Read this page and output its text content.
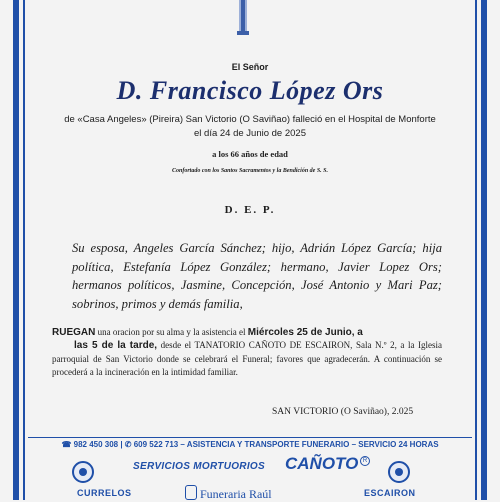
El Señor
D. Francisco López Ors
de «Casa Angeles» (Pireira) San Victorio (O Saviñao) falleció en el Hospital de Monforte el día 24 de Junio de 2025
a los 66 años de edad
Confortado con los Santos Sacramentos y la Bendición de S. S.
D. E. P.
Su esposa, Angeles García Sánchez; hijo, Adrián López García; hija política, Estefanía López González; hermano, Javier Lopez Ors; hermanos políticos, Jasmine, Concepción, José Antonio y Mari Paz; sobrinos, primos y demás familia,
RUEGAN una oracion por su alma y la asistencia el Miércoles 25 de Junio, a
las 5 de la tarde, desde el TANATORIO CAÑOTO DE ESCAIRON, Sala N.º 2, a la Iglesia parroquial de San Victorio donde se celebrará el Funeral; favores que agradecerán. A continuación se procederá a la incineración en la intimidad familiar.
SAN VICTORIO (O Saviñao), 2.025
☎ 982 450 308 | ✆ 609 522 713 – ASISTENCIA Y TRANSPORTE FUNERARIO – SERVICIO 24 HORAS
SERVICIOS MORTUORIOS CAÑOTO R
CURRELOS	Funeraria Raúl	ESCAIRON
